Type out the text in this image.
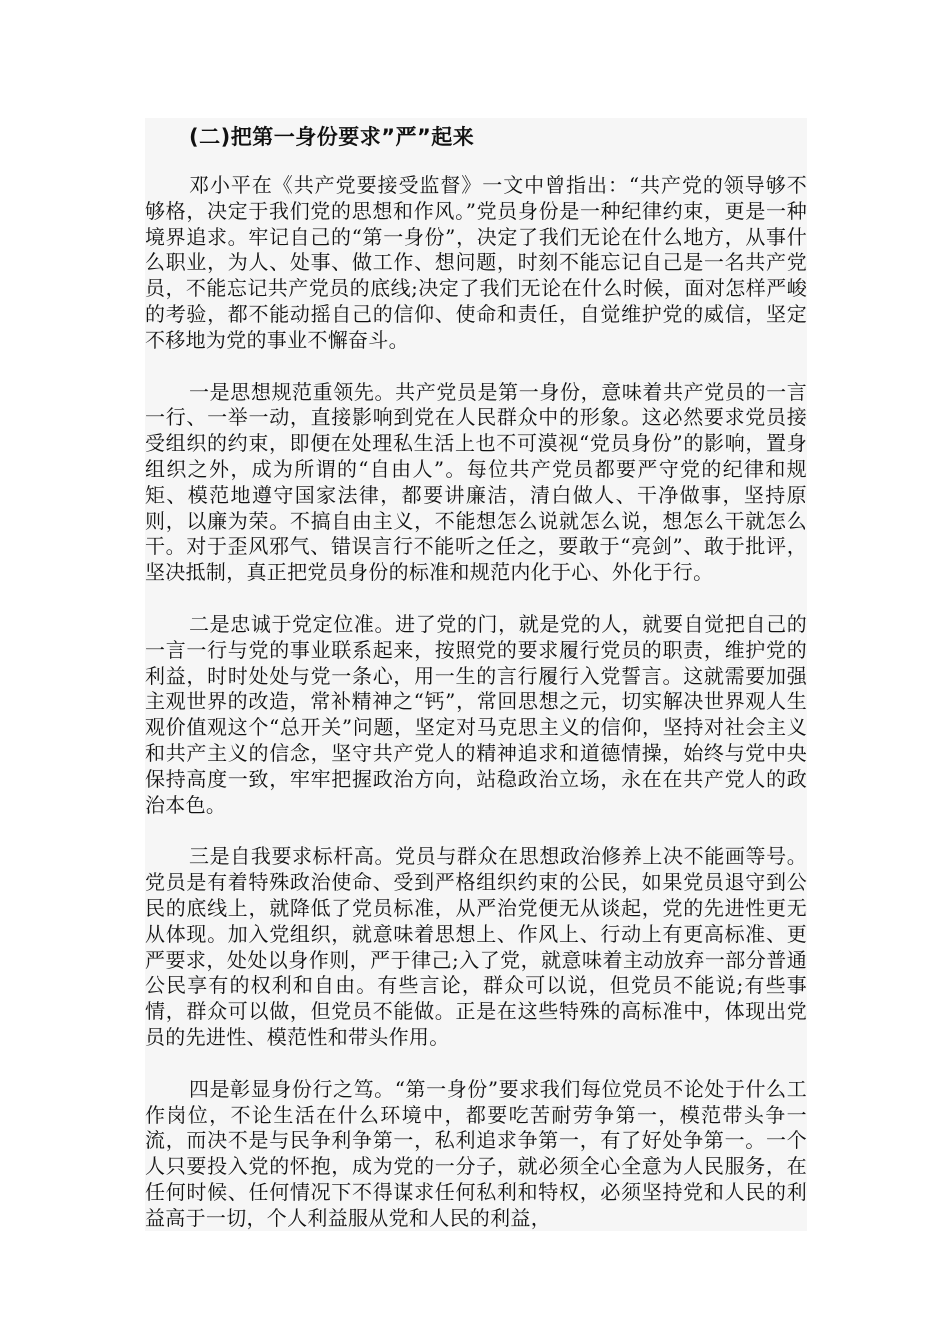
(二)把第一身份要求”严”起来

邓小平在《共产党要接受监督》一文中曾指出：“共产党的领导够不够格，决定于我们党的思想和作风。”党员身份是一种纪律约束，更是一种境界追求。牢记自己的“第一身份”，决定了我们无论在什么地方，从事什么职业，为人、处事、做工作、想问题，时刻不能忘记自己是一名共产党员，不能忘记共产党员的底线;决定了我们无论在什么时候，面对怎样严峻的考验，都不能动摇自己的信仰、使命和责任，自觉维护党的威信，坚定不移地为党的事业不懈奋斗。

一是思想规范重领先。共产党员是第一身份，意味着共产党员的一言一行、一举一动，直接影响到党在人民群众中的形象。这必然要求党员接受组织的约束，即便在处理私生活上也不可漠视“党员身份”的影响，置身组织之外，成为所谓的“自由人”。每位共产党员都要严守党的纪律和规矩、模范地遵守国家法律，都要讲廉洁，清白做人、干净做事，坚持原则，以廉为荣。不搞自由主义，不能想怎么说就怎么说，想怎么干就怎么干。对于歪风邪气、错误言行不能听之任之，要敢于“亮剑”、敢于批评，坚决抵制，真正把党员身份的标准和规范内化于心、外化于行。

二是忠诚于党定位准。进了党的门，就是党的人，就要自觉把自己的一言一行与党的事业联系起来，按照党的要求履行党员的职责，维护党的利益，时时处处与党一条心，用一生的言行履行入党誓言。这就需要加强主观世界的改造，常补精神之“钙”，常回思想之元，切实解决世界观人生观价值观这个“总开关”问题，坚定对马克思主义的信仰，坚持对社会主义和共产主义的信念，坚守共产党人的精神追求和道德情操，始终与党中央保持高度一致，牢牢把握政治方向，站稳政治立场，永在在共产党人的政治本色。

三是自我要求标杆高。党员与群众在思想政治修养上决不能画等号。党员是有着特殊政治使命、受到严格组织约束的公民，如果党员退守到公民的底线上，就降低了党员标准，从严治党便无从谈起，党的先进性更无从体现。加入党组织，就意味着思想上、作风上、行动上有更高标准、更严要求，处处以身作则，严于律己;入了党，就意味着主动放弃一部分普通公民享有的权利和自由。有些言论，群众可以说，但党员不能说;有些事情，群众可以做，但党员不能做。正是在这些特殊的高标准中，体现出党员的先进性、模范性和带头作用。

四是彰显身份行之笃。“第一身份”要求我们每位党员不论处于什么工作岗位，不论生活在什么环境中，都要吃苦耐劳争第一，模范带头争一流，而决不是与民争利争第一，私利追求争第一，有了好处争第一。一个人只要投入党的怀抱，成为党的一分子，就必须全心全意为人民服务，在任何时候、任何情况下不得谋求任何私利和特权，必须坚持党和人民的利益高于一切，个人利益服从党和人民的利益，
